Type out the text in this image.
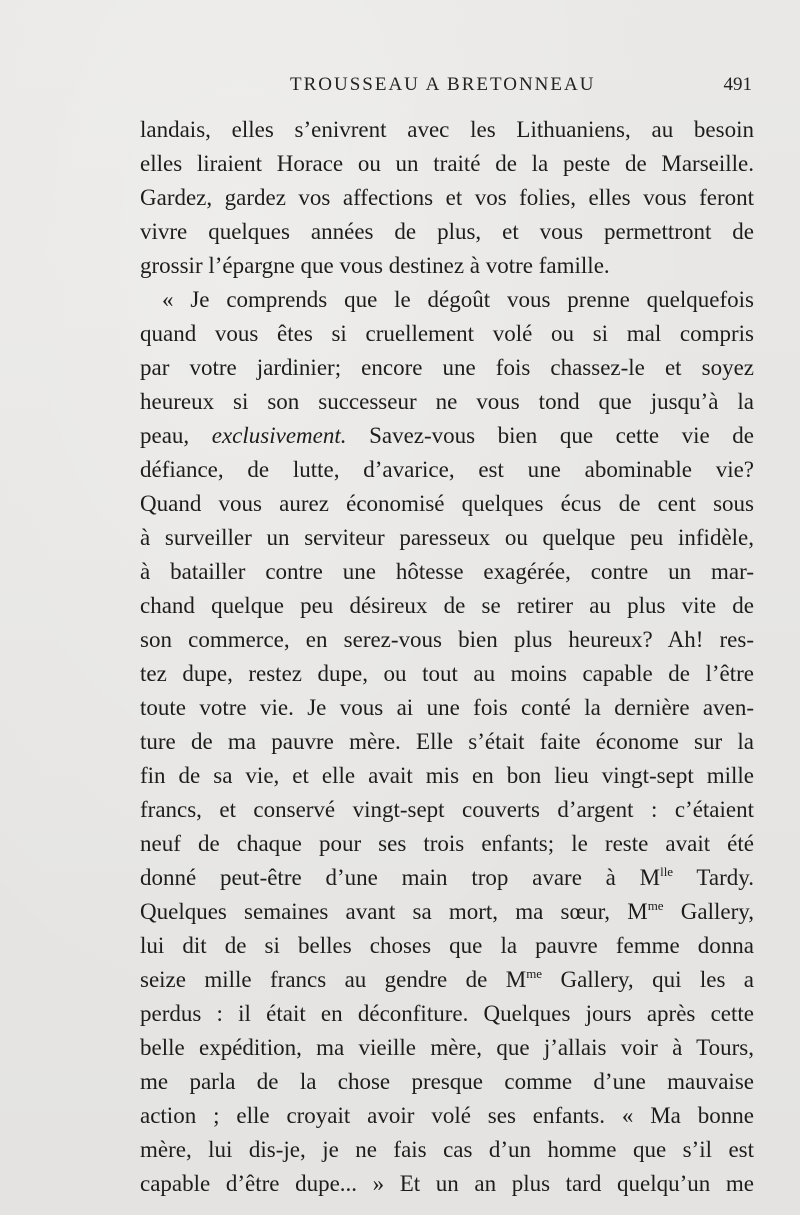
TROUSSEAU A BRETONNEAU	491
landais, elles s’enivrent avec les Lithuaniens, au besoin
elles liraient Horace ou un traité de la peste de Marseille.
Gardez, gardez vos affections et vos folies, elles vous feront
vivre quelques années de plus, et vous permettront de
grossir l’épargne que vous destinez à votre famille.
« Je comprends que le dégoût vous prenne quelquefois
quand vous êtes si cruellement volé ou si mal compris
par votre jardinier; encore une fois chassez-le et soyez
heureux si son successeur ne vous tond que jusqu’à la
peau, exclusivement. Savez-vous bien que cette vie de
défiance, de lutte, d’avarice, est une abominable vie?
Quand vous aurez économisé quelques écus de cent sous
à surveiller un serviteur paresseux ou quelque peu infidèle,
à batailler contre une hôtesse exagérée, contre un mar-
chand quelque peu désireux de se retirer au plus vite de
son commerce, en serez-vous bien plus heureux? Ah! res-
tez dupe, restez dupe, ou tout au moins capable de l’être
toute votre vie. Je vous ai une fois conté la dernière aven-
ture de ma pauvre mère. Elle s’était faite économe sur la
fin de sa vie, et elle avait mis en bon lieu vingt-sept mille
francs, et conservé vingt-sept couverts d’argent : c’étaient
neuf de chaque pour ses trois enfants; le reste avait été
donné peut-être d’une main trop avare à $M^{lle}$ Tardy.
Quelques semaines avant sa mort, ma sœur, $M^{me}$ Gallery,
lui dit de si belles choses que la pauvre femme donna
seize mille francs au gendre de $M^{me}$ Gallery, qui les a
perdus : il était en déconfiture. Quelques jours après cette
belle expédition, ma vieille mère, que j’allais voir à Tours,
me parla de la chose presque comme d’une mauvaise
action ; elle croyait avoir volé ses enfants. « Ma bonne
mère, lui dis-je, je ne fais cas d’un homme que s’il est
capable d’être dupe... » Et un an plus tard quelqu’un me
